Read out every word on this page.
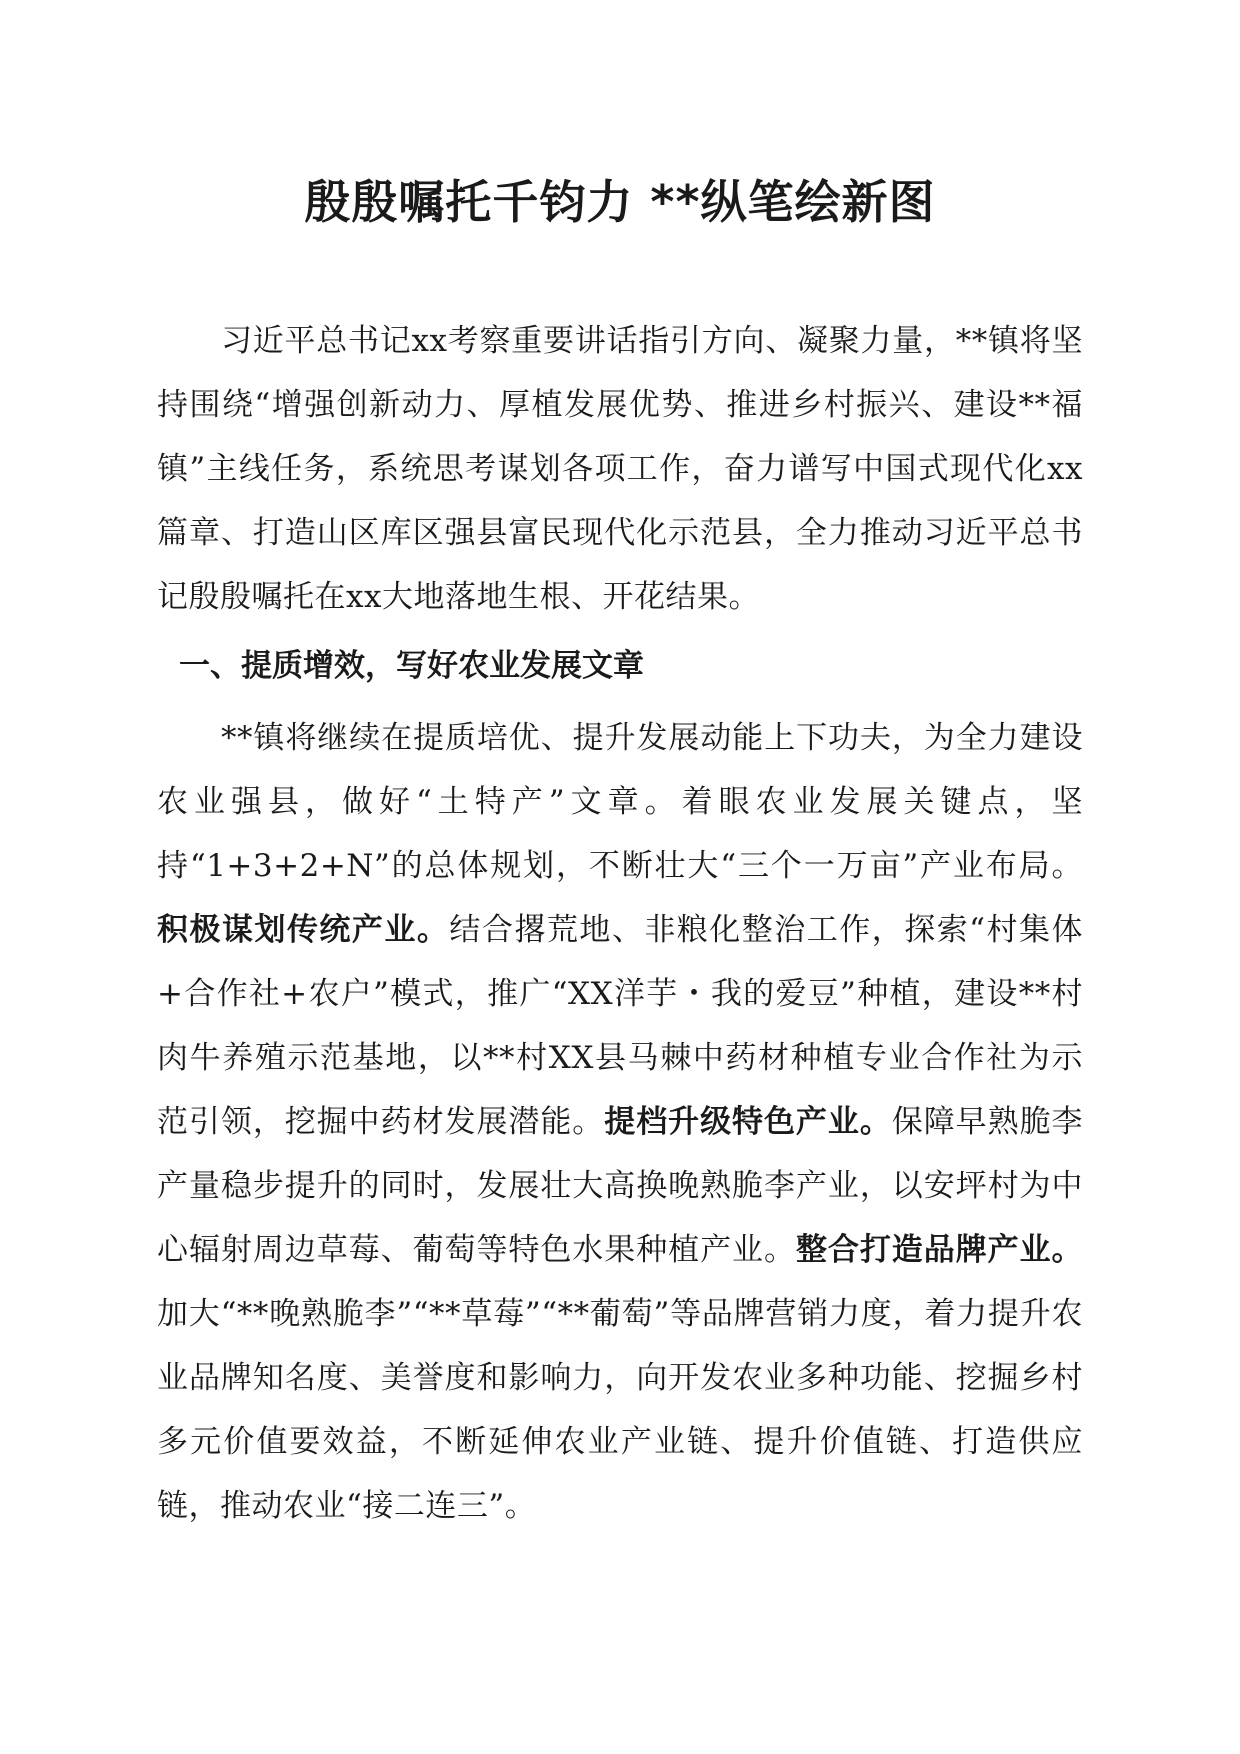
殷殷嘱托千钧力 **纵笔绘新图
习近平总书记xx考察重要讲话指引方向、凝聚力量，**镇将坚持围绕“增强创新动力、厚植发展优势、推进乡村振兴、建设**福镇”主线任务，系统思考谋划各项工作，奋力谱写中国式现代化xx篇章、打造山区库区强县富民现代化示范县，全力推动习近平总书记殷殷嘱托在xx大地落地生根、开花结果。
一、提质增效，写好农业发展文章
**镇将继续在提质培优、提升发展动能上下功夫，为全力建设农业强县，做好“土特产”文章。着眼农业发展关键点，坚持“1+3+2+N”的总体规划，不断壮大“三个一万亩”产业布局。积极谋划传统产业。结合撂荒地、非粮化整治工作，探索“村集体+合作社+农户”模式，推广“XX洋芋・我的爱豆”种植，建设**村肉牛养殖示范基地，以**村XX县马棘中药材种植专业合作社为示范引领，挖掘中药材发展潜能。提档升级特色产业。保障早熟脆李产量稳步提升的同时，发展壮大高换晚熟脆李产业，以安坪村为中心辐射周边草莓、葡萄等特色水果种植产业。整合打造品牌产业。加大“**晚熟脆李”“**草莓”“**葡萄”等品牌营销力度，着力提升农业品牌知名度、美誉度和影响力，向开发农业多种功能、挖掘乡村多元价值要效益，不断延伸农业产业链、提升价值链、打造供应链，推动农业“接二连三”。
